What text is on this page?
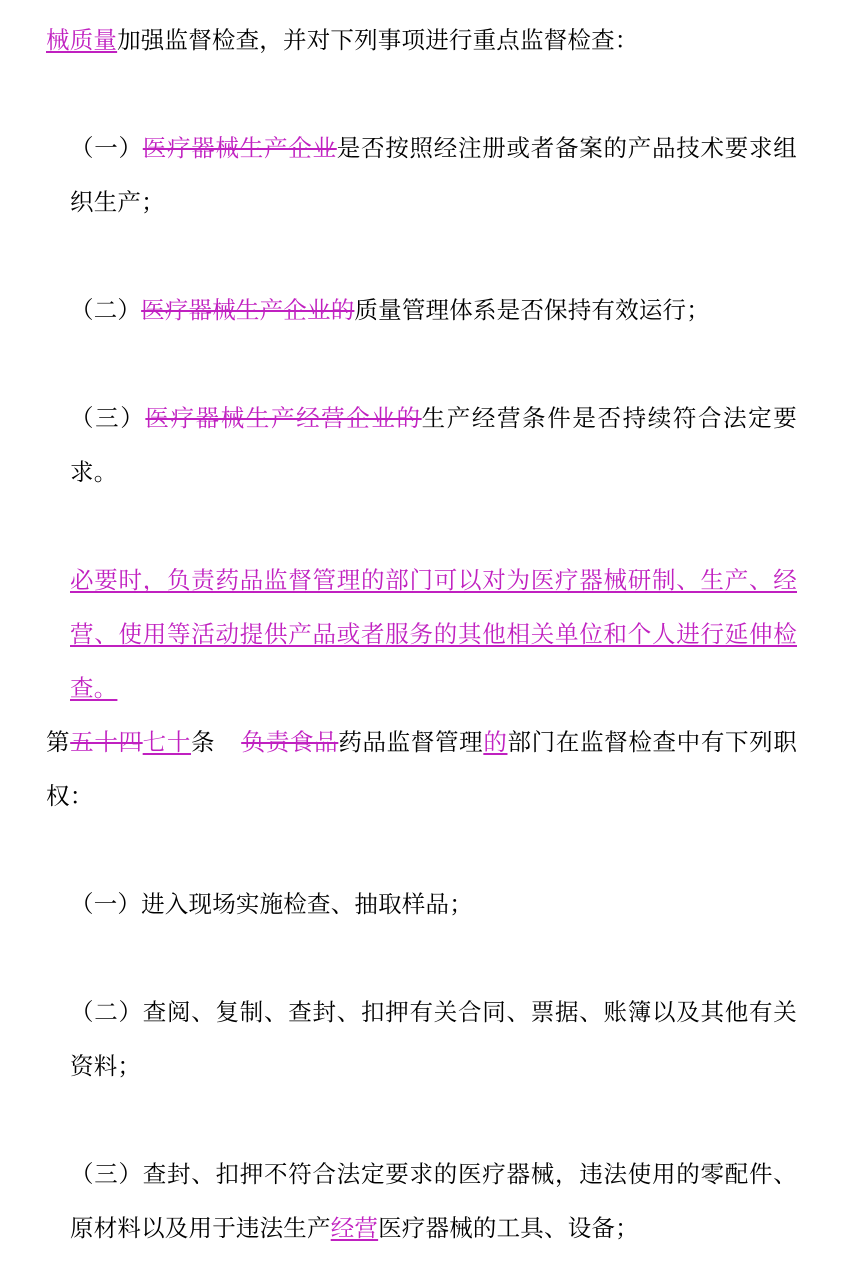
械质量加强监督检查，并对下列事项进行重点监督检查：
（一）医疗器械生产企业是否按照经注册或者备案的产品技术要求组织生产；
（二）医疗器械生产企业的质量管理体系是否保持有效运行；
（三）医疗器械生产经营企业的生产经营条件是否持续符合法定要求。
必要时，负责药品监督管理的部门可以对为医疗器械研制、生产、经营、使用等活动提供产品或者服务的其他相关单位和个人进行延伸检查。
第五十四七十条 负责食品药品监督管理的部门在监督检查中有下列职权：
（一）进入现场实施检查、抽取样品；
（二）查阅、复制、查封、扣押有关合同、票据、账簿以及其他有关资料；
（三）查封、扣押不符合法定要求的医疗器械，违法使用的零配件、原材料以及用于违法生产经营医疗器械的工具、设备；
